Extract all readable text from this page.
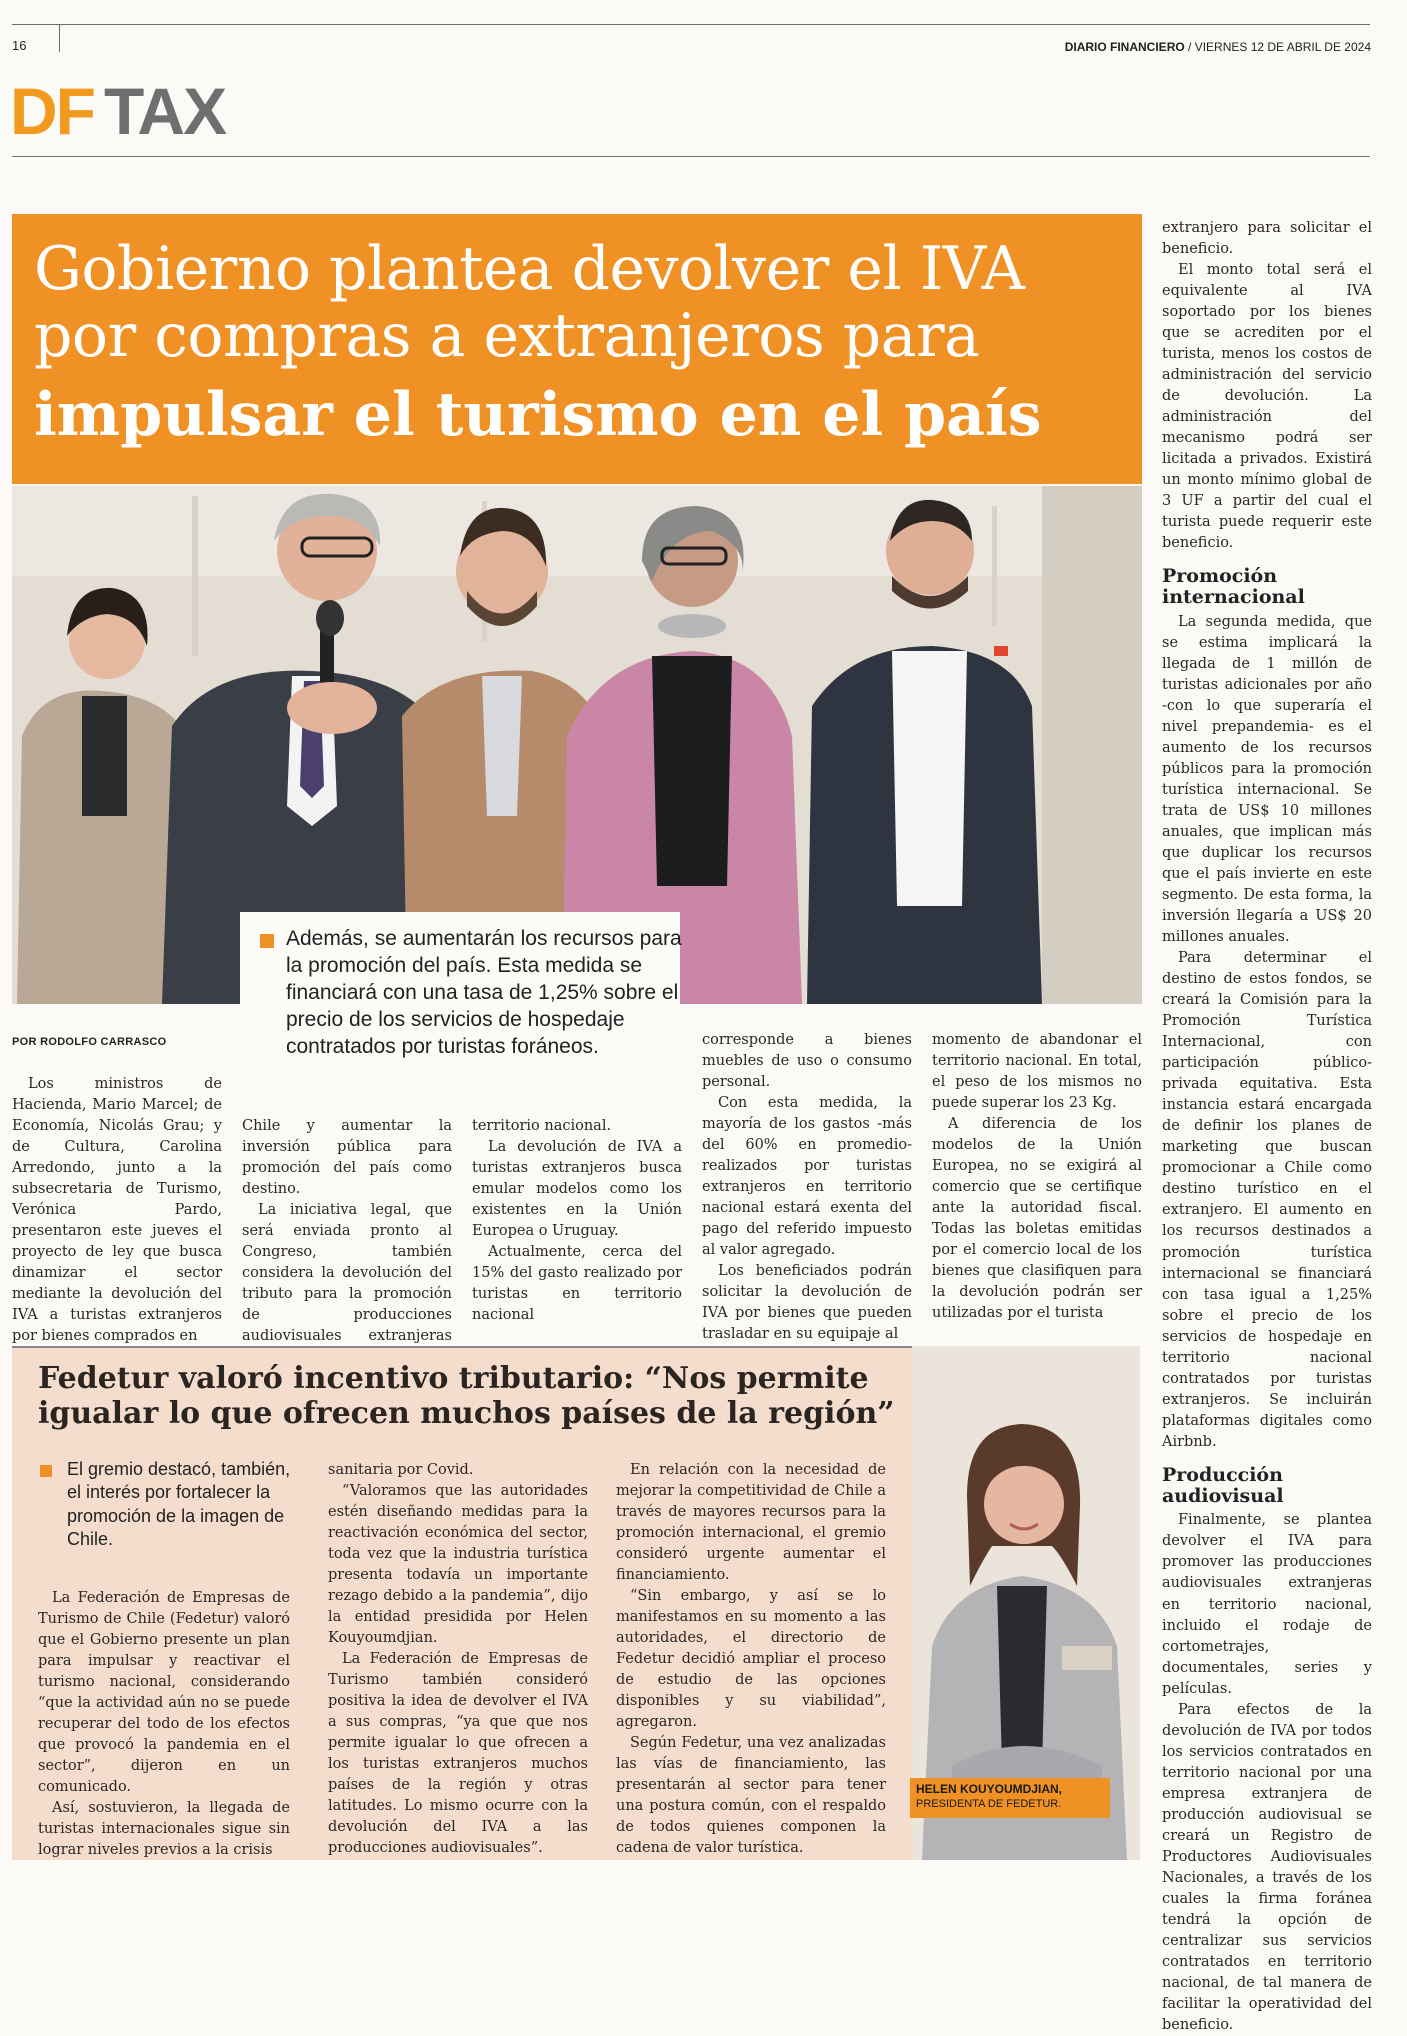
16	DIARIO FINANCIERO / VIERNES 12 DE ABRIL DE 2024
DF TAX
Gobierno plantea devolver el IVA
por compras a extranjeros para
impulsar el turismo en el país
Además, se aumentarán los recursos para la promoción del país. Esta medida se financiará con una tasa de 1,25% sobre el precio de los servicios de hospedaje contratados por turistas foráneos.
POR RODOLFO CARRASCO

Los ministros de Hacienda, Mario Marcel; de Economía, Nicolás Grau; y de Cultura, Carolina Arredondo, junto a la subsecretaria de Turismo, Verónica Pardo, presentaron este jueves el proyecto de ley que busca dinamizar el sector mediante la devolución del IVA a turistas extranjeros por bienes comprados en

Chile y aumentar la inversión pública para promoción del país como destino.

La iniciativa legal, que será enviada pronto al Congreso, también considera la devolución del tributo para la promoción de producciones audiovisuales extranjeras

territorio nacional.

La devolución de IVA a turistas extranjeros busca emular modelos como los existentes en la Unión Europea o Uruguay.

Actualmente, cerca del 15% del gasto realizado por turistas en territorio nacional

corresponde a bienes muebles de uso o consumo personal.

Con esta medida, la mayoría de los gastos -más del 60% en promedio- realizados por turistas extranjeros en territorio nacional estará exenta del pago del referido impuesto al valor agregado.

Los beneficiados podrán solicitar la devolución de IVA por bienes que pueden trasladar en su equipaje al

momento de abandonar el territorio nacional. En total, el peso de los mismos no puede superar los 23 Kg.

A diferencia de los modelos de la Unión Europea, no se exigirá al comercio que se certifique ante la autoridad fiscal. Todas las boletas emitidas por el comercio local de los bienes que clasifiquen para la devolución podrán ser utilizadas por el turista

extranjero para solicitar el beneficio.

El monto total será el equivalente al IVA soportado por los bienes que se acrediten por el turista, menos los costos de administración del servicio de devolución. La administración del mecanismo podrá ser licitada a privados. Existirá un monto mínimo global de 3 UF a partir del cual el turista puede requerir este beneficio.

Promoción internacional

La segunda medida, que se estima implicará la llegada de 1 millón de turistas adicionales por año -con lo que superaría el nivel prepandemia- es el aumento de los recursos públicos para la promoción turística internacional. Se trata de US$ 10 millones anuales, que implican más que duplicar los recursos que el país invierte en este segmento. De esta forma, la inversión llegaría a US$ 20 millones anuales.

Para determinar el destino de estos fondos, se creará la Comisión para la Promoción Turística Internacional, con participación público-privada equitativa. Esta instancia estará encargada de definir los planes de marketing que buscan promocionar a Chile como destino turístico en el extranjero. El aumento en los recursos destinados a promoción turística internacional se financiará con tasa igual a 1,25% sobre el precio de los servicios de hospedaje en territorio nacional contratados por turistas extranjeros. Se incluirán plataformas digitales como Airbnb.

Producción audiovisual

Finalmente, se plantea devolver el IVA para promover las producciones audiovisuales extranjeras en territorio nacional, incluido el rodaje de cortometrajes, documentales, series y películas.

Para efectos de la devolución de IVA por todos los servicios contratados en territorio nacional por una empresa extranjera de producción audiovisual se creará un Registro de Productores Audiovisuales Nacionales, a través de los cuales la firma foránea tendrá la opción de centralizar sus servicios contratados en territorio nacional, de tal manera de facilitar la operatividad del beneficio.

Fedetur valoró incentivo tributario: “Nos permite igualar lo que ofrecen muchos países de la región”
El gremio destacó, también, el interés por fortalecer la promoción de la imagen de Chile.

La Federación de Empresas de Turismo de Chile (Fedetur) valoró que el Gobierno presente un plan para impulsar y reactivar el turismo nacional, considerando “que la actividad aún no se puede recuperar del todo de los efectos que provocó la pandemia en el sector”, dijeron en un comunicado.

Así, sostuvieron, la llegada de turistas internacionales sigue sin lograr niveles previos a la crisis

sanitaria por Covid.

“Valoramos que las autoridades estén diseñando medidas para la reactivación económica del sector, toda vez que la industria turística presenta todavía un importante rezago debido a la pandemia”, dijo la entidad presidida por Helen Kouyoumdjian.

La Federación de Empresas de Turismo también consideró positiva la idea de devolver el IVA a sus compras, “ya que que nos permite igualar lo que ofrecen a los turistas extranjeros muchos países de la región y otras latitudes. Lo mismo ocurre con la devolución del IVA a las producciones audiovisuales”.

En relación con la necesidad de mejorar la competitividad de Chile a través de mayores recursos para la promoción internacional, el gremio consideró urgente aumentar el financiamiento.

“Sin embargo, y así se lo manifestamos en su momento a las autoridades, el directorio de Fedetur decidió ampliar el proceso de estudio de las opciones disponibles y su viabilidad”, agregaron.

Según Fedetur, una vez analizadas las vías de financiamiento, las presentarán al sector para tener una postura común, con el respaldo de todos quienes componen la cadena de valor turística.

HELEN KOUYOUMDJIAN,
PRESIDENTA DE FEDETUR.
